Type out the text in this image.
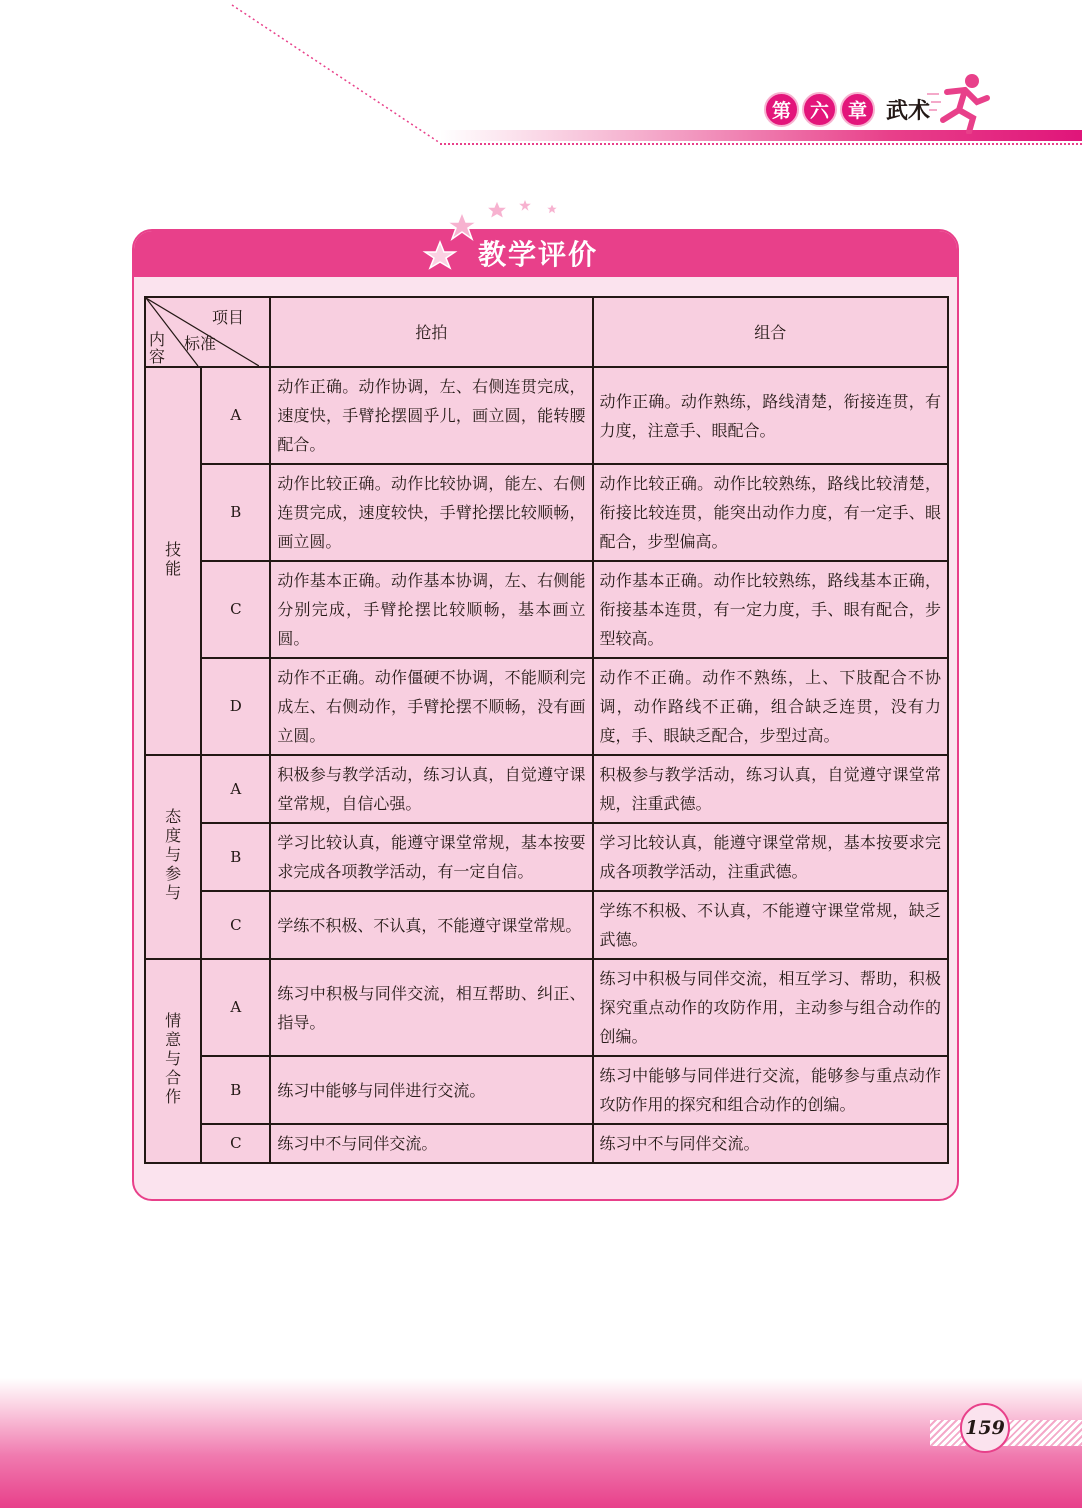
第 六 章 武术
教学评价
项目
标准
内容		抢拍	组合
技能	A	动作正确。动作协调，左、右侧连贯完成，速度快，手臂抡摆圆乎儿，画立圆，能转腰配合。	动作正确。动作熟练，路线清楚，衔接连贯，有力度，注意手、眼配合。
	B	动作比较正确。动作比较协调，能左、右侧连贯完成，速度较快，手臂抡摆比较顺畅，画立圆。	动作比较正确。动作比较熟练，路线比较清楚，衔接比较连贯，能突出动作力度，有一定手、眼配合，步型偏高。
	C	动作基本正确。动作基本协调，左、右侧能分别完成，手臂抡摆比较顺畅，基本画立圆。	动作基本正确。动作比较熟练，路线基本正确，衔接基本连贯，有一定力度，手、眼有配合，步型较高。
	D	动作不正确。动作僵硬不协调，不能顺利完成左、右侧动作，手臂抡摆不顺畅，没有画立圆。	动作不正确。动作不熟练，上、下肢配合不协调，动作路线不正确，组合缺乏连贯，没有力度，手、眼缺乏配合，步型过高。
态度与参与	A	积极参与教学活动，练习认真，自觉遵守课堂常规，自信心强。	积极参与教学活动，练习认真，自觉遵守课堂常规，注重武德。
	B	学习比较认真，能遵守课堂常规，基本按要求完成各项教学活动，有一定自信。	学习比较认真，能遵守课堂常规，基本按要求完成各项教学活动，注重武德。
	C	学练不积极、不认真，不能遵守课堂常规。	学练不积极、不认真，不能遵守课堂常规，缺乏武德。
情意与合作	A	练习中积极与同伴交流，相互帮助、纠正、指导。	练习中积极与同伴交流，相互学习、帮助，积极探究重点动作的攻防作用，主动参与组合动作的创编。
	B	练习中能够与同伴进行交流。	练习中能够与同伴进行交流，能够参与重点动作攻防作用的探究和组合动作的创编。
	C	练习中不与同伴交流。	练习中不与同伴交流。
159
